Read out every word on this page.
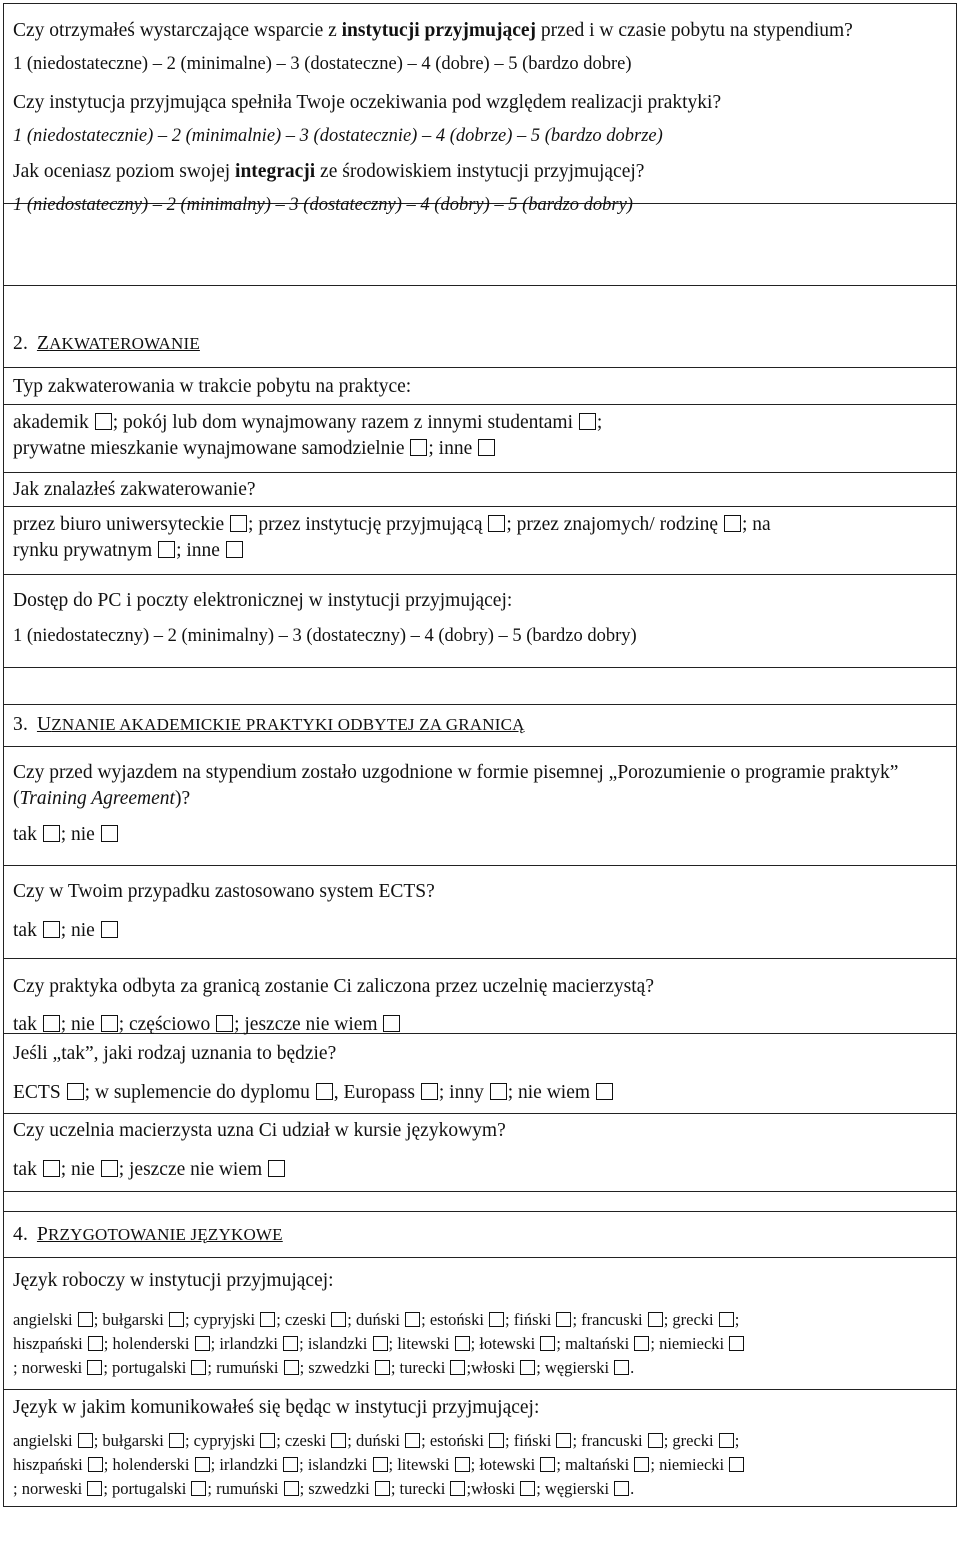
Czy otrzymałeś wystarczające wsparcie z instytucji przyjmującej przed i w czasie pobytu na stypendium?
1 (niedostateczne) – 2 (minimalne) – 3 (dostateczne) – 4 (dobre) – 5 (bardzo dobre)
Czy instytucja przyjmująca spełniła Twoje oczekiwania pod względem realizacji praktyki?
1 (niedostatecznie) – 2 (minimalnie) – 3 (dostatecznie) – 4 (dobrze) – 5 (bardzo dobrze)
Jak oceniasz poziom swojej integracji ze środowiskiem instytucji przyjmującej?
1 (niedostateczny) – 2 (minimalny) – 3 (dostateczny) – 4 (dobry) – 5 (bardzo dobry)
2. ZAKWATEROWANIE
Typ zakwaterowania w trakcie pobytu na praktyce:
akademik ; pokój lub dom wynajmowany razem z innymi studentami ;
prywatne mieszkanie wynajmowane samodzielnie ; inne
Jak znalazłeś zakwaterowanie?
przez biuro uniwersyteckie ; przez instytucję przyjmującą ; przez znajomych/ rodzinę ; na
rynku prywatnym ; inne
Dostęp do PC i poczty elektronicznej w instytucji przyjmującej:
1 (niedostateczny) – 2 (minimalny) – 3 (dostateczny) – 4 (dobry) – 5 (bardzo dobry)
3. UZNANIE AKADEMICKIE PRAKTYKI ODBYTEJ ZA GRANICĄ
Czy przed wyjazdem na stypendium zostało uzgodnione w formie pisemnej „Porozumienie o programie praktyk” (Training Agreement)?
tak ; nie
Czy w Twoim przypadku zastosowano system ECTS?
tak ; nie
Czy praktyka odbyta za granicą zostanie Ci zaliczona przez uczelnię macierzystą?
tak ; nie ; częściowo ; jeszcze nie wiem
Jeśli „tak”, jaki rodzaj uznania to będzie?
ECTS ; w suplemencie do dyplomu , Europass ; inny ; nie wiem
Czy uczelnia macierzysta uzna Ci udział w kursie językowym?
tak ; nie ; jeszcze nie wiem
4. PRZYGOTOWANIE JĘZYKOWE
Język roboczy w instytucji przyjmującej:
angielski ; bułgarski ; cypryjski ; czeski ; duński ; estoński ; fiński ; francuski ; grecki ;
hiszpański ; holenderski ; irlandzki ; islandzki ; litewski ; łotewski ; maltański ; niemiecki
; norweski ; portugalski ; rumuński ; szwedzki ; turecki ;włoski ; węgierski .
Język w jakim komunikowałeś się będąc w instytucji przyjmującej:
angielski ; bułgarski ; cypryjski ; czeski ; duński ; estoński ; fiński ; francuski ; grecki ;
hiszpański ; holenderski ; irlandzki ; islandzki ; litewski ; łotewski ; maltański ; niemiecki
; norweski ; portugalski ; rumuński ; szwedzki ; turecki ;włoski ; węgierski .
